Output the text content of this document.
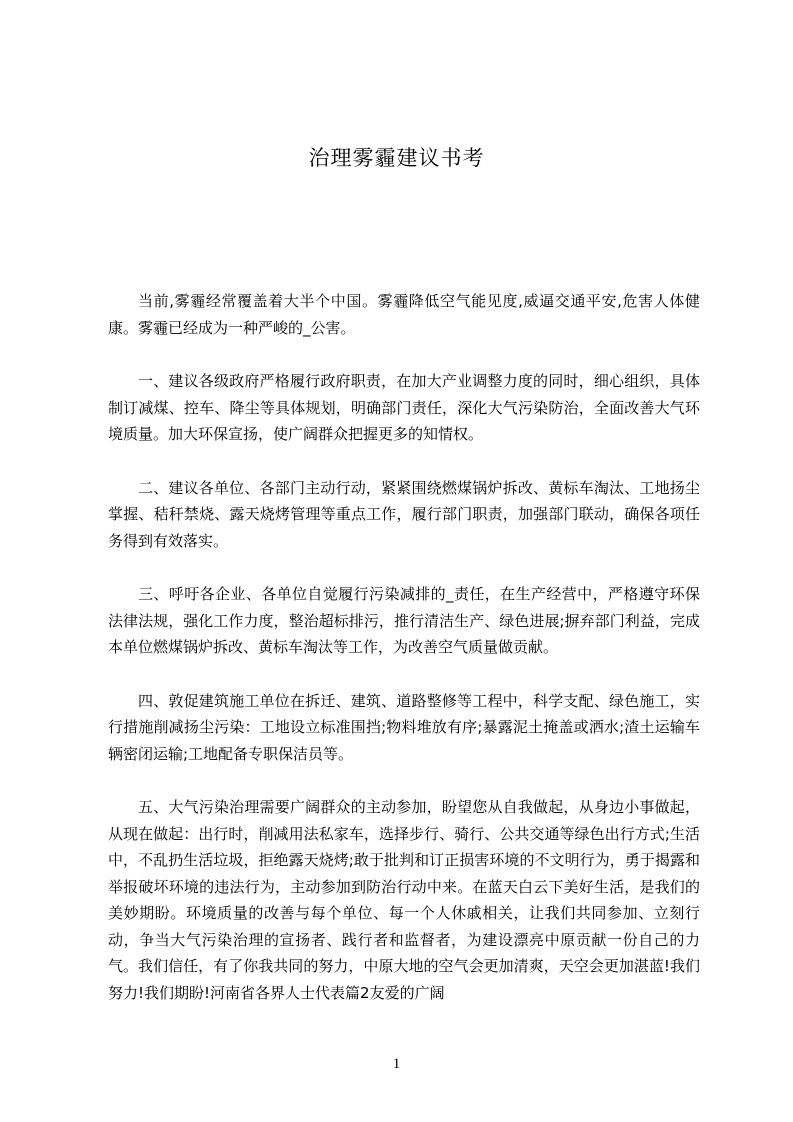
治理雾霾建议书考

当前,雾霾经常覆盖着大半个中国。雾霾降低空气能见度,威逼交通平安,危害人体健康。雾霾已经成为一种严峻的_公害。

一、建议各级政府严格履行政府职责，在加大产业调整力度的同时，细心组织，具体制订减煤、控车、降尘等具体规划，明确部门责任，深化大气污染防治，全面改善大气环境质量。加大环保宣扬，使广阔群众把握更多的知情权。

二、建议各单位、各部门主动行动，紧紧围绕燃煤锅炉拆改、黄标车淘汰、工地扬尘掌握、秸秆禁烧、露天烧烤管理等重点工作，履行部门职责，加强部门联动，确保各项任务得到有效落实。

三、呼吁各企业、各单位自觉履行污染减排的_责任，在生产经营中，严格遵守环保法律法规，强化工作力度，整治超标排污，推行清洁生产、绿色进展;摒弃部门利益，完成本单位燃煤锅炉拆改、黄标车淘汰等工作，为改善空气质量做贡献。

四、敦促建筑施工单位在拆迁、建筑、道路整修等工程中，科学支配、绿色施工，实行措施削减扬尘污染：工地设立标准围挡;物料堆放有序;暴露泥土掩盖或洒水;渣土运输车辆密闭运输;工地配备专职保洁员等。

五、大气污染治理需要广阔群众的主动参加，盼望您从自我做起，从身边小事做起，从现在做起：出行时，削减用法私家车，选择步行、骑行、公共交通等绿色出行方式;生活中，不乱扔生活垃圾，拒绝露天烧烤;敢于批判和订正损害环境的不文明行为，勇于揭露和举报破坏环境的违法行为，主动参加到防治行动中来。在蓝天白云下美好生活，是我们的美妙期盼。环境质量的改善与每个单位、每一个人休戚相关，让我们共同参加、立刻行动，争当大气污染治理的宣扬者、践行者和监督者，为建设漂亮中原贡献一份自己的力气。我们信任，有了你我共同的努力，中原大地的空气会更加清爽，天空会更加湛蓝!我们努力!我们期盼!河南省各界人士代表篇2友爱的广阔

1
